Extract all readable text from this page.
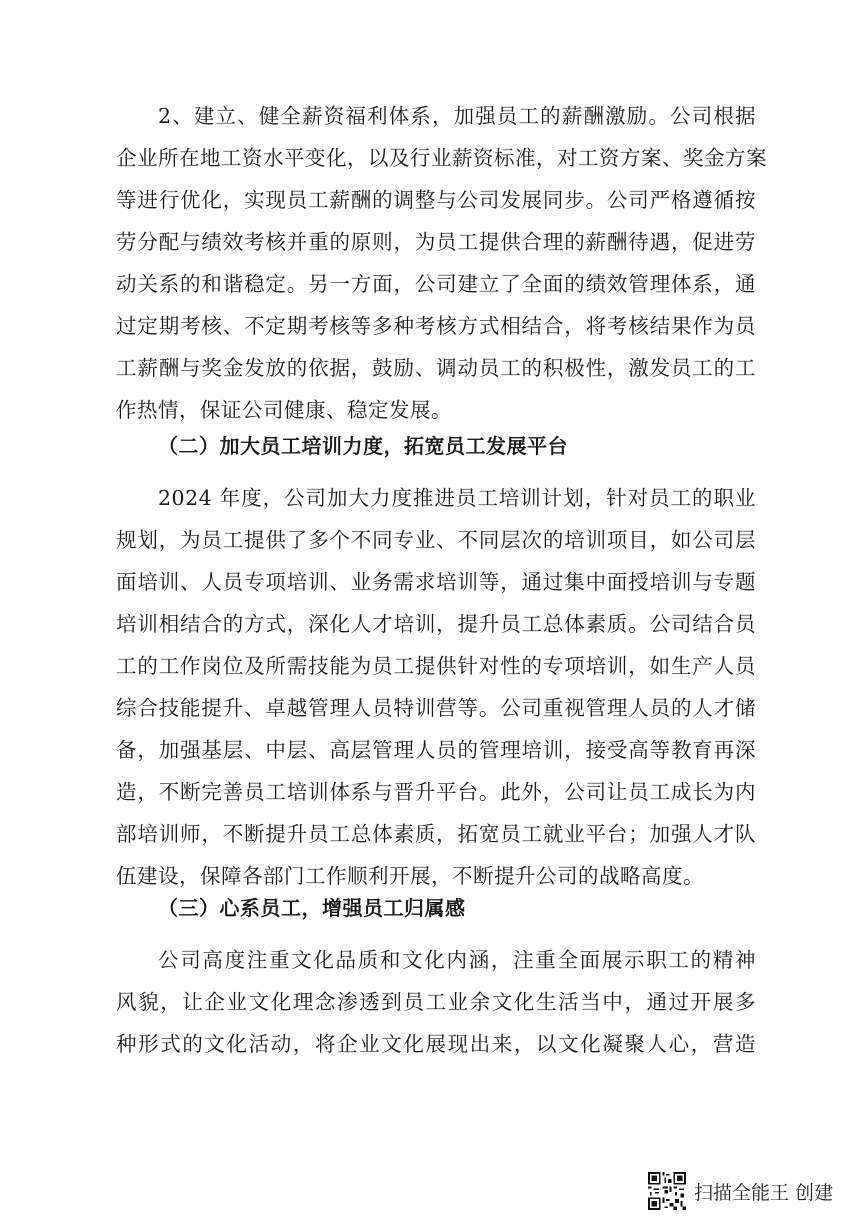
2、建立、健全薪资福利体系，加强员工的薪酬激励。公司根据
企业所在地工资水平变化，以及行业薪资标准，对工资方案、奖金方案
等进行优化，实现员工薪酬的调整与公司发展同步。公司严格遵循按
劳分配与绩效考核并重的原则，为员工提供合理的薪酬待遇，促进劳
动关系的和谐稳定。另一方面，公司建立了全面的绩效管理体系，通
过定期考核、不定期考核等多种考核方式相结合，将考核结果作为员
工薪酬与奖金发放的依据，鼓励、调动员工的积极性，激发员工的工
作热情，保证公司健康、稳定发展。
（二）加大员工培训力度，拓宽员工发展平台
2024 年度，公司加大力度推进员工培训计划，针对员工的职业
规划，为员工提供了多个不同专业、不同层次的培训项目，如公司层
面培训、人员专项培训、业务需求培训等，通过集中面授培训与专题
培训相结合的方式，深化人才培训，提升员工总体素质。公司结合员
工的工作岗位及所需技能为员工提供针对性的专项培训，如生产人员
综合技能提升、卓越管理人员特训营等。公司重视管理人员的人才储
备，加强基层、中层、高层管理人员的管理培训，接受高等教育再深
造，不断完善员工培训体系与晋升平台。此外，公司让员工成长为内
部培训师，不断提升员工总体素质，拓宽员工就业平台；加强人才队
伍建设，保障各部门工作顺利开展，不断提升公司的战略高度。
（三）心系员工，增强员工归属感
公司高度注重文化品质和文化内涵，注重全面展示职工的精神
风貌，让企业文化理念渗透到员工业余文化生活当中，通过开展多
种形式的文化活动，将企业文化展现出来，以文化凝聚人心，营造
扫描全能王 创建
